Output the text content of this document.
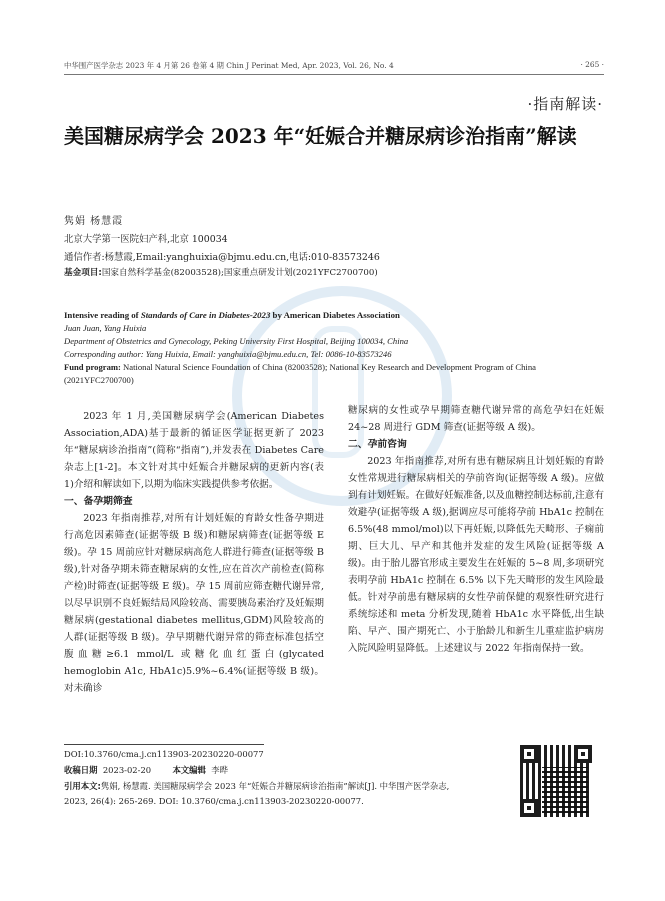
中华围产医学杂志 2023 年 4 月第 26 卷第 4 期 Chin J Perinat Med, Apr. 2023, Vol. 26, No. 4	· 265 ·
·指南解读·
美国糖尿病学会 2023 年“妊娠合并糖尿病诊治指南”解读
隽娟 杨慧霞
北京大学第一医院妇产科,北京 100034
通信作者:杨慧霞,Email:yanghuixia@bjmu.edu.cn,电话:010-83573246
基金项目:国家自然科学基金(82003528);国家重点研发计划(2021YFC2700700)
Intensive reading of Standards of Care in Diabetes-2023 by American Diabetes Association
Juan Juan, Yang Huixia
Department of Obstetrics and Gynecology, Peking University First Hospital, Beijing 100034, China
Corresponding author: Yang Huixia, Email: yanghuixia@bjmu.edu.cn, Tel: 0086-10-83573246
Fund program: National Natural Science Foundation of China (82003528); National Key Research and Development Program of China (2021YFC2700700)

2023 年 1 月,美国糖尿病学会(American Diabetes Association,ADA)基于最新的循证医学证据更新了 2023 年“糖尿病诊治指南”(简称“指南”),并发表在 Diabetes Care 杂志上[1-2]。本文针对其中妊娠合并糖尿病的更新内容(表 1)介绍和解读如下,以期为临床实践提供参考依据。

一、备孕期筛查

2023 年指南推荐,对所有计划妊娠的育龄女性备孕期进行高危因素筛查(证据等级 B 级)和糖尿病筛查(证据等级 E 级)。孕 15 周前应针对糖尿病高危人群进行筛查(证据等级 B 级),针对备孕期未筛查糖尿病的女性,应在首次产前检查(简称产检)时筛查(证据等级 E 级)。孕 15 周前应筛查糖代谢异常,以尽早识别不良妊娠结局风险较高、需要胰岛素治疗及妊娠期糖尿病(gestational diabetes mellitus,GDM)风险较高的人群(证据等级 B 级)。孕早期糖代谢异常的筛查标准包括空腹血糖≥6.1 mmol/L 或糖化血红蛋白(glycated hemoglobin A1c, HbA1c)5.9%~6.4%(证据等级 B 级)。对未确诊

糖尿病的女性或孕早期筛查糖代谢异常的高危孕妇在妊娠 24~28 周进行 GDM 筛查(证据等级 A 级)。

二、孕前咨询

2023 年指南推荐,对所有患有糖尿病且计划妊娠的育龄女性常规进行糖尿病相关的孕前咨询(证据等级 A 级)。应做到有计划妊娠。在做好妊娠准备,以及血糖控制达标前,注意有效避孕(证据等级 A 级),据调应尽可能将孕前 HbA1c 控制在 6.5%(48 mmol/mol)以下再妊娠,以降低先天畸形、子痫前期、巨大儿、早产和其他并发症的发生风险(证据等级 A 级)。由于胎儿器官形成主要发生在妊娠的 5~8 周,多项研究表明孕前 HbA1c 控制在 6.5% 以下先天畸形的发生风险最低。针对孕前患有糖尿病的女性孕前保健的观察性研究进行系统综述和 meta 分析发现,随着 HbA1c 水平降低,出生缺陷、早产、围产期死亡、小于胎龄儿和新生儿重症监护病房入院风险明显降低。上述建议与 2022 年指南保持一致。

DOI:10.3760/cma.j.cn113903-20230220-00077
收稿日期 2023-02-20	本文编辑 李晔
引用本文:隽娟, 杨慧霞. 美国糖尿病学会 2023 年“妊娠合并糖尿病诊治指南”解读[J]. 中华围产医学杂志, 2023, 26(4): 265-269. DOI: 10.3760/cma.j.cn113903-20230220-00077.
